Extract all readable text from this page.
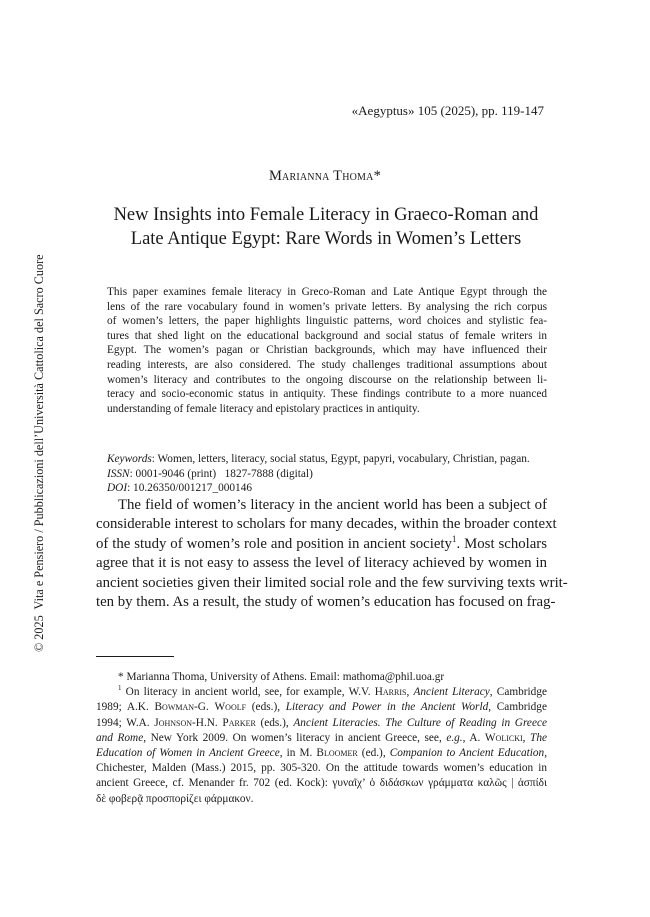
«Aegyptus» 105 (2025), pp. 119-147
Marianna Thoma*
New Insights into Female Literacy in Graeco-Roman and
Late Antique Egypt: Rare Words in Women’s Letters
This paper examines female literacy in Greco-Roman and Late Antique Egypt through the
lens of the rare vocabulary found in women’s private letters. By analysing the rich corpus
of women’s letters, the paper highlights linguistic patterns, word choices and stylistic fea-
tures that shed light on the educational background and social status of female writers in
Egypt. The women’s pagan or Christian backgrounds, which may have influenced their
reading interests, are also considered. The study challenges traditional assumptions about
women’s literacy and contributes to the ongoing discourse on the relationship between li-
teracy and socio-economic status in antiquity. These findings contribute to a more nuanced
understanding of female literacy and epistolary practices in antiquity.
Keywords: Women, letters, literacy, social status, Egypt, papyri, vocabulary, Christian, pagan.
ISSN: 0001-9046 (print)   1827-7888 (digital)
DOI: 10.26350/001217_000146
The field of women’s literacy in the ancient world has been a subject of
considerable interest to scholars for many decades, within the broader context
of the study of women’s role and position in ancient society$^1$. Most scholars
agree that it is not easy to assess the level of literacy achieved by women in
ancient societies given their limited social role and the few surviving texts writ-
ten by them. As a result, the study of women’s education has focused on frag-
* Marianna Thoma, University of Athens. Email: mathoma@phil.uoa.gr
$^1$ On literacy in ancient world, see, for example, W.V. Harris, Ancient Literacy, Cambridge
1989; A.K. Bowman-G. Woolf (eds.), Literacy and Power in the Ancient World, Cambridge
1994; W.A. Johnson-H.N. Parker (eds.), Ancient Literacies. The Culture of Reading in Greece
and Rome, New York 2009. On women’s literacy in ancient Greece, see, e.g., A. Wolicki, The
Education of Women in Ancient Greece, in M. Bloomer (ed.), Companion to Ancient Education,
Chichester, Malden (Mass.) 2015, pp. 305-320. On the attitude towards women’s education in
ancient Greece, cf. Menander fr. 702 (ed. Kock): γυναῖχ’ ὁ διδάσκων γράμματα καλῶς | ἀσπίδι
δὲ φοβερᾷ προσπορίζει φάρμακον.
© 2025  Vita e Pensiero / Pubblicazioni dell’Università Cattolica del Sacro Cuore
